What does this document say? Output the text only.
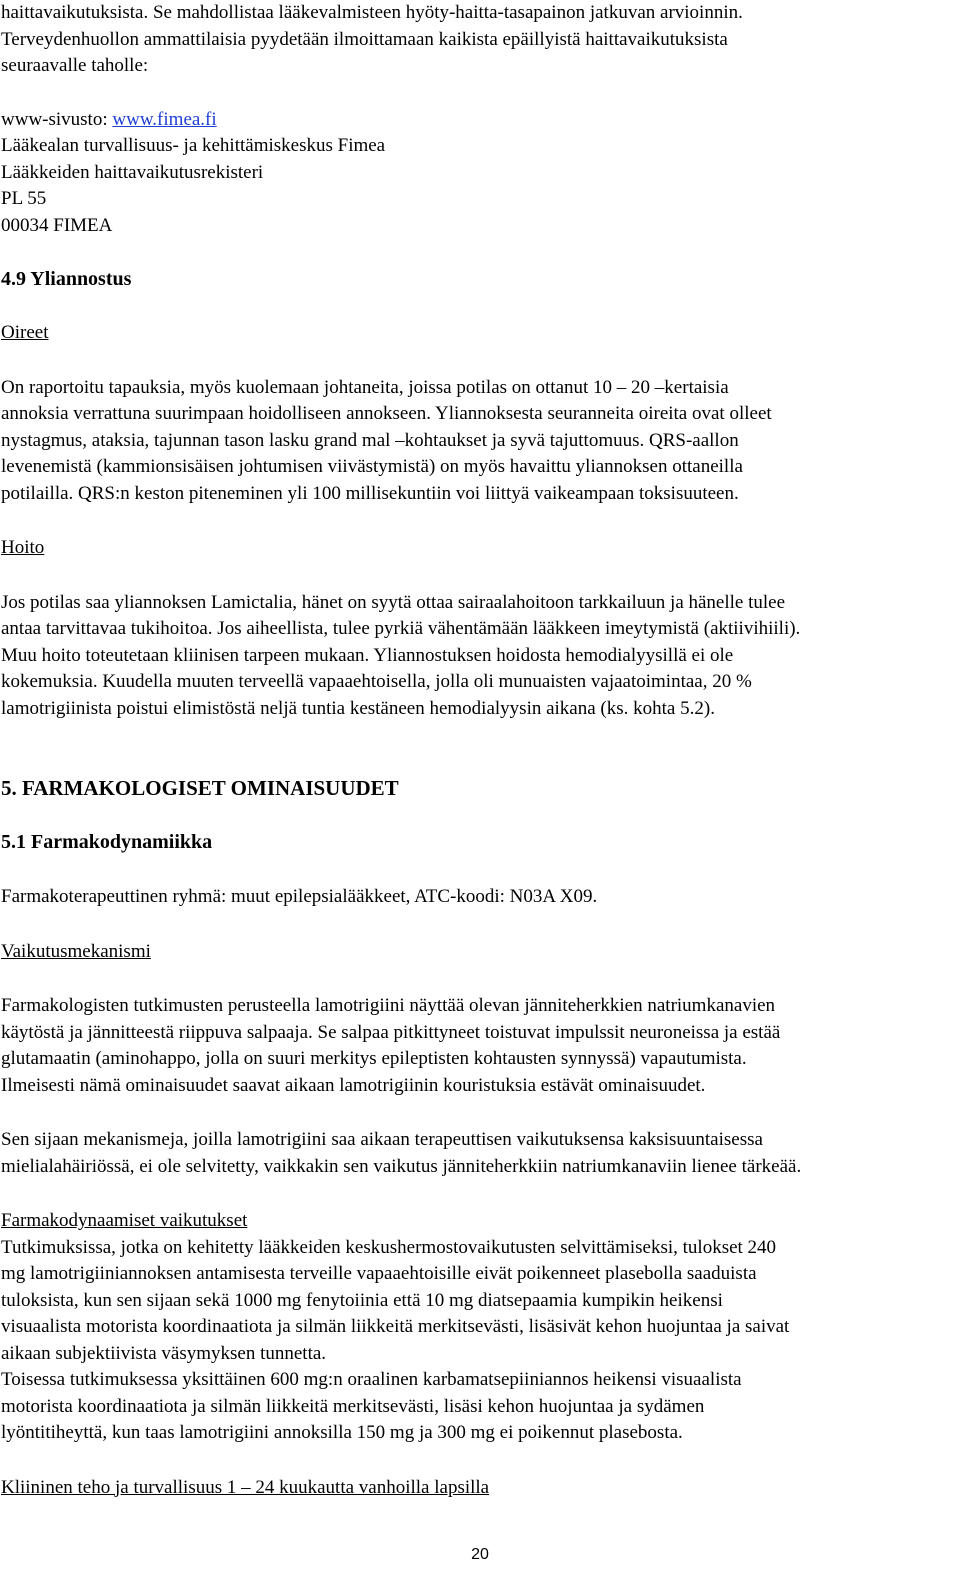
haittavaikutuksista. Se mahdollistaa lääkevalmisteen hyöty-haitta-tasapainon jatkuvan arvioinnin.

Terveydenhuollon ammattilaisia pyydetään ilmoittamaan kaikista epäillyistä haittavaikutuksista

seuraavalle taholle:

www-sivusto: www.fimea.fi

Lääkealan turvallisuus- ja kehittämiskeskus Fimea

Lääkkeiden haittavaikutusrekisteri

PL 55

00034 FIMEA

4.9 Yliannostus

Oireet

On raportoitu tapauksia, myös kuolemaan johtaneita, joissa potilas on ottanut 10 – 20 –kertaisia

annoksia verrattuna suurimpaan hoidolliseen annokseen. Yliannoksesta seuranneita oireita ovat olleet

nystagmus, ataksia, tajunnan tason lasku grand mal –kohtaukset ja syvä tajuttomuus. QRS-aallon

levenemistä (kammionsisäisen johtumisen viivästymistä) on myös havaittu yliannoksen ottaneilla

potilailla. QRS:n keston piteneminen yli 100 millisekuntiin voi liittyä vaikeampaan toksisuuteen.

Hoito

Jos potilas saa yliannoksen Lamictalia, hänet on syytä ottaa sairaalahoitoon tarkkailuun ja hänelle tulee

antaa tarvittavaa tukihoitoa. Jos aiheellista, tulee pyrkiä vähentämään lääkkeen imeytymistä (aktiivihiili).

Muu hoito toteutetaan kliinisen tarpeen mukaan. Yliannostuksen hoidosta hemodialyysillä ei ole

kokemuksia. Kuudella muuten terveellä vapaaehtoisella, jolla oli munuaisten vajaatoimintaa, 20 %

lamotrigiinista poistui elimistöstä neljä tuntia kestäneen hemodialyysin aikana (ks. kohta 5.2).

5. FARMAKOLOGISET OMINAISUUDET

5.1 Farmakodynamiikka

Farmakoterapeuttinen ryhmä: muut epilepsialääkkeet, ATC-koodi: N03A X09.

Vaikutusmekanismi

Farmakologisten tutkimusten perusteella lamotrigiini näyttää olevan jänniteherkkien natriumkanavien

käytöstä ja jännitteestä riippuva salpaaja. Se salpaa pitkittyneet toistuvat impulssit neuroneissa ja estää

glutamaatin (aminohappo, jolla on suuri merkitys epileptisten kohtausten synnyssä) vapautumista.

Ilmeisesti nämä ominaisuudet saavat aikaan lamotrigiinin kouristuksia estävät ominaisuudet.

Sen sijaan mekanismeja, joilla lamotrigiini saa aikaan terapeuttisen vaikutuksensa kaksisuuntaisessa

mielialahäiriössä, ei ole selvitetty, vaikkakin sen vaikutus jänniteherkkiin natriumkanaviin lienee tärkeää.

Farmakodynaamiset vaikutukset

Tutkimuksissa, jotka on kehitetty lääkkeiden keskushermostovaikutusten selvittämiseksi, tulokset 240

mg lamotrigiiniannoksen antamisesta terveille vapaaehtoisille eivät poikenneet plasebolla saaduista

tuloksista, kun sen sijaan sekä 1000 mg fenytoiinia että 10 mg diatsepaamia kumpikin heikensi

visuaalista motorista koordinaatiota ja silmän liikkeitä merkitsevästi, lisäsivät kehon huojuntaa ja saivat

aikaan subjektiivista väsymyksen tunnetta.

Toisessa tutkimuksessa yksittäinen 600 mg:n oraalinen karbamatsepiiniannos heikensi visuaalista

motorista koordinaatiota ja silmän liikkeitä merkitsevästi, lisäsi kehon huojuntaa ja sydämen

lyöntitiheyttä, kun taas lamotrigiini annoksilla 150 mg ja 300 mg ei poikennut plasebosta.

Kliininen teho ja turvallisuus 1 – 24 kuukautta vanhoilla lapsilla

20
